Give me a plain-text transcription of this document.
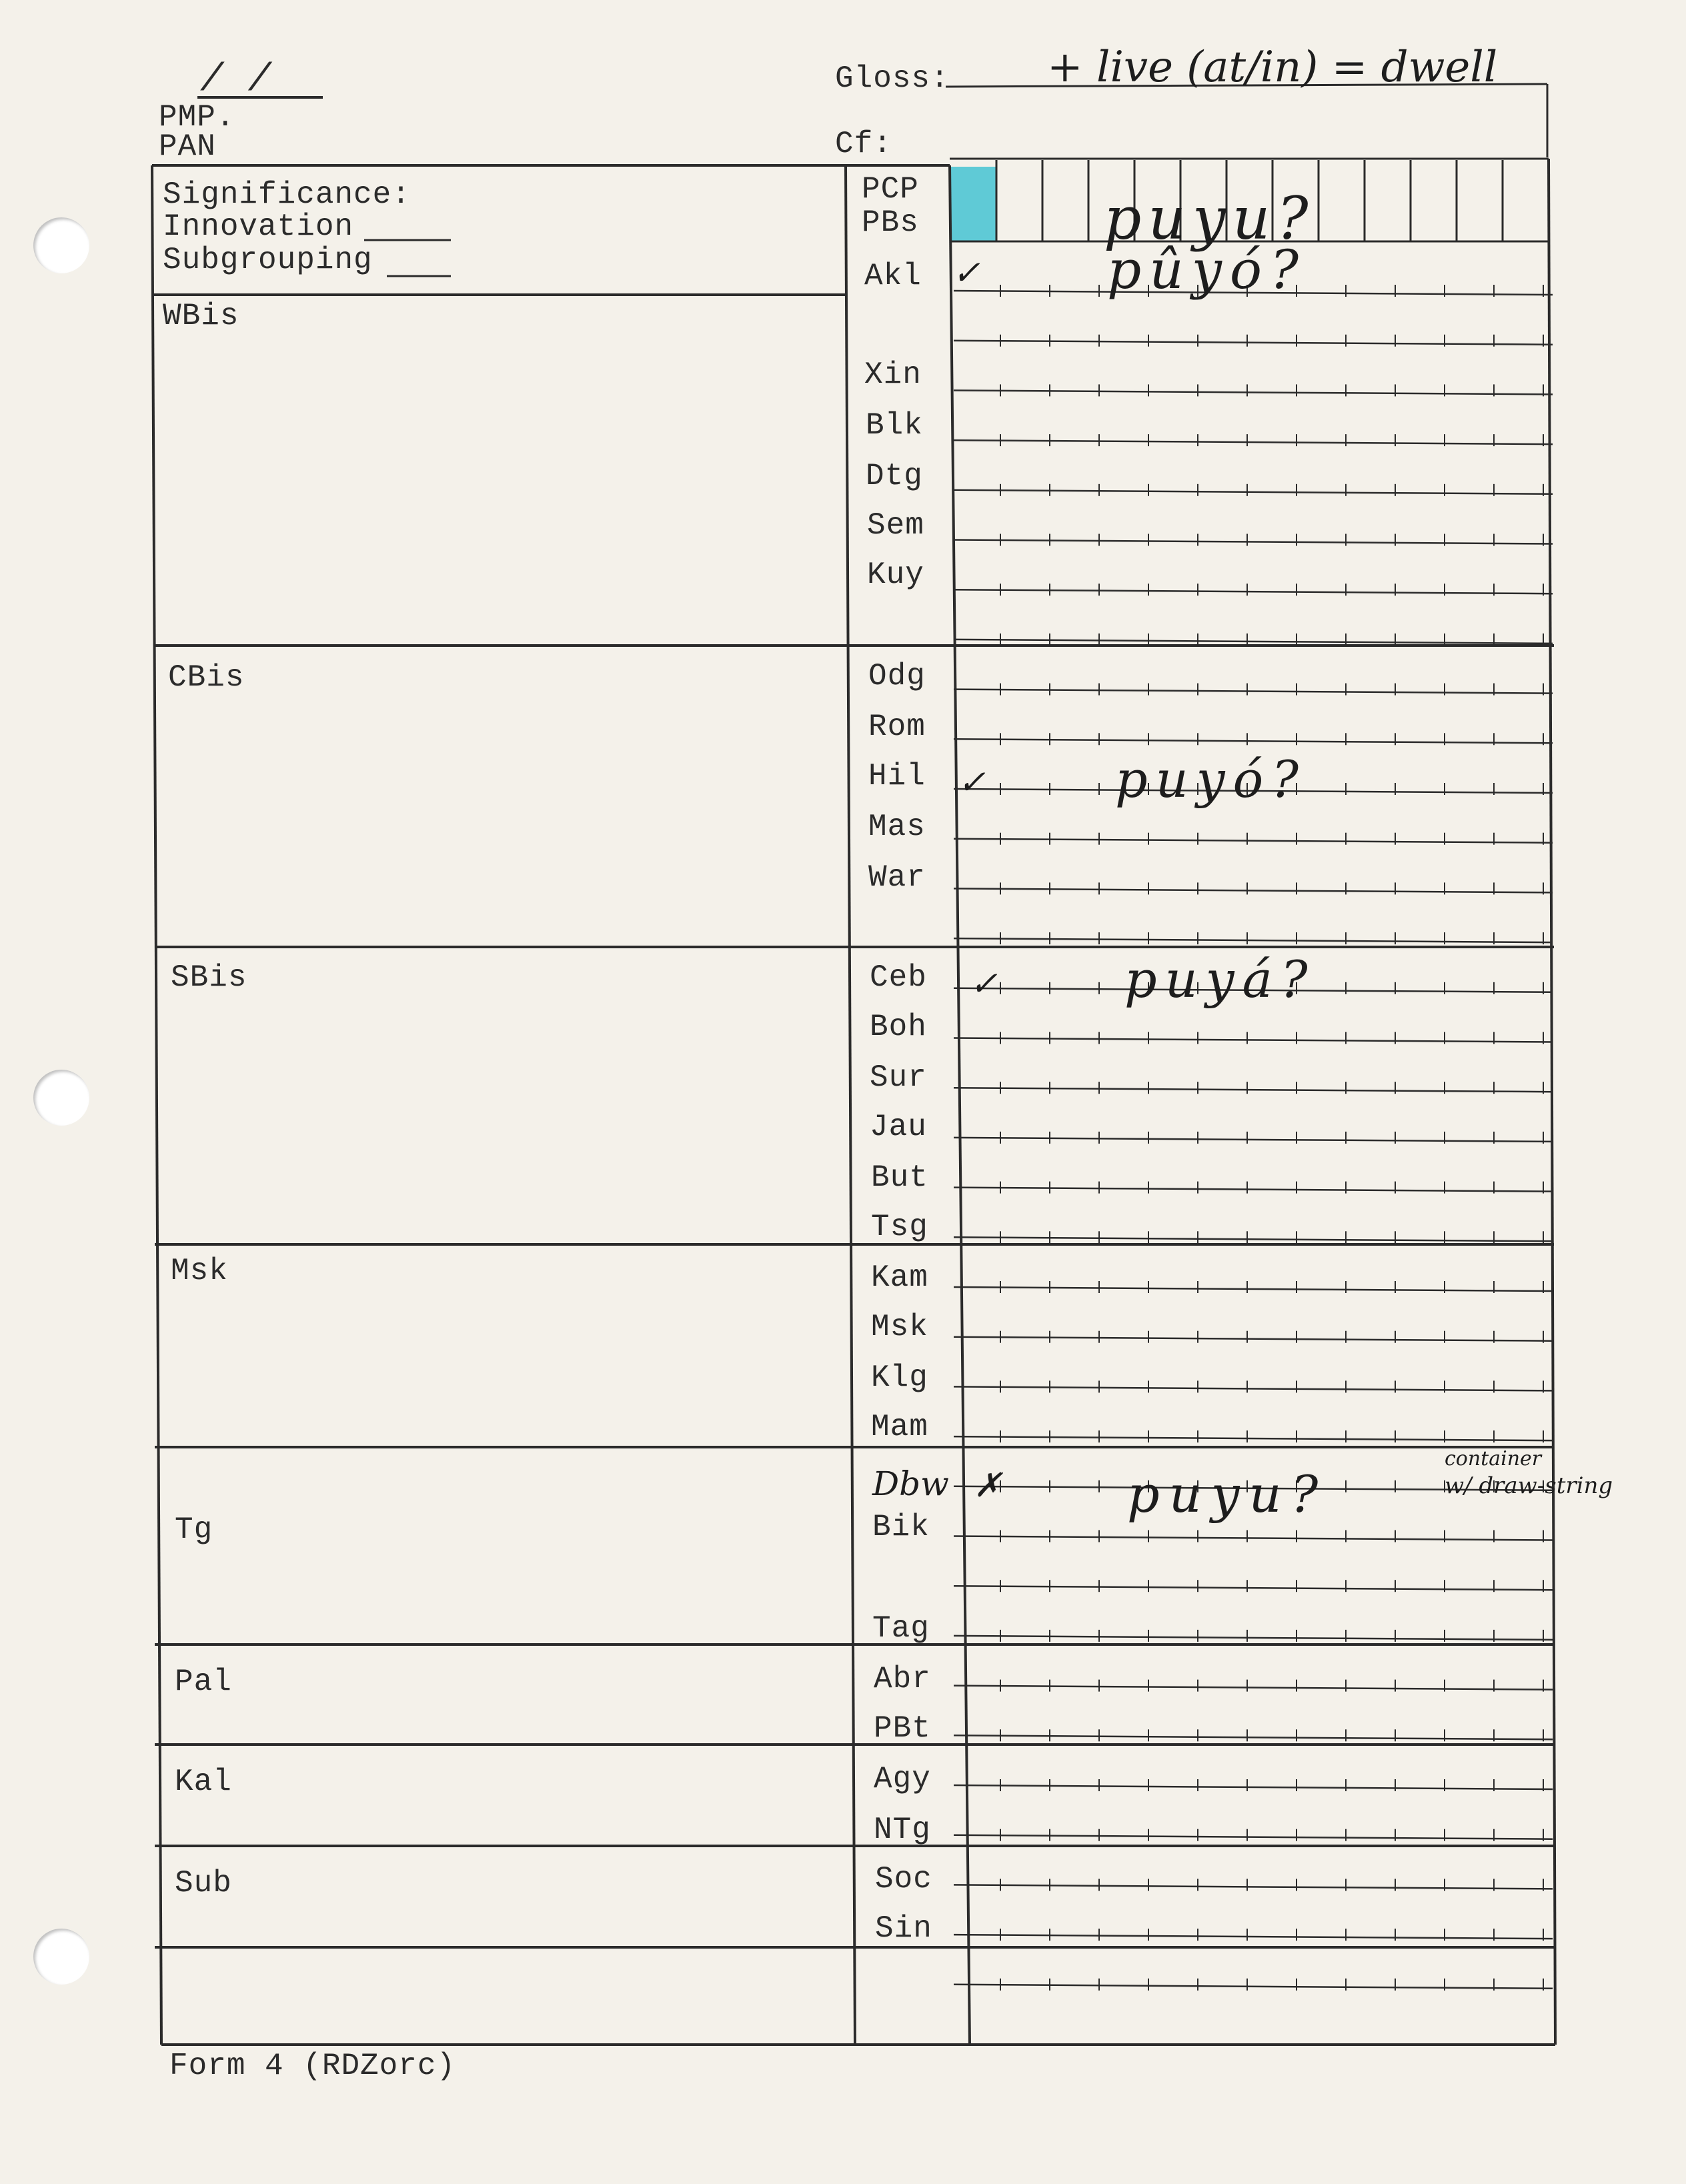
/ /
PMP.
PAN
Gloss: + live (at/in) = dwell
Cf:
Significance:
Innovation
Subgrouping
WBis
CBis
SBis
Msk
Tg
Pal
Kal
Sub
PCP
PBs
Akl
Xin
Blk
Dtg
Sem
Kuy
Odg
Rom
Hil
Mas
War
Ceb
Boh
Sur
Jau
But
Tsg
Kam
Msk
Klg
Mam
Dbw
Bik
Tag
Abr
PBt
Agy
NTg
Soc
Sin
puyu?
✓ pûyó?
✓	puyó?
✓	puyá?
✗ puyu?
container
w/ draw-string
Form 4 (RDZorc)
